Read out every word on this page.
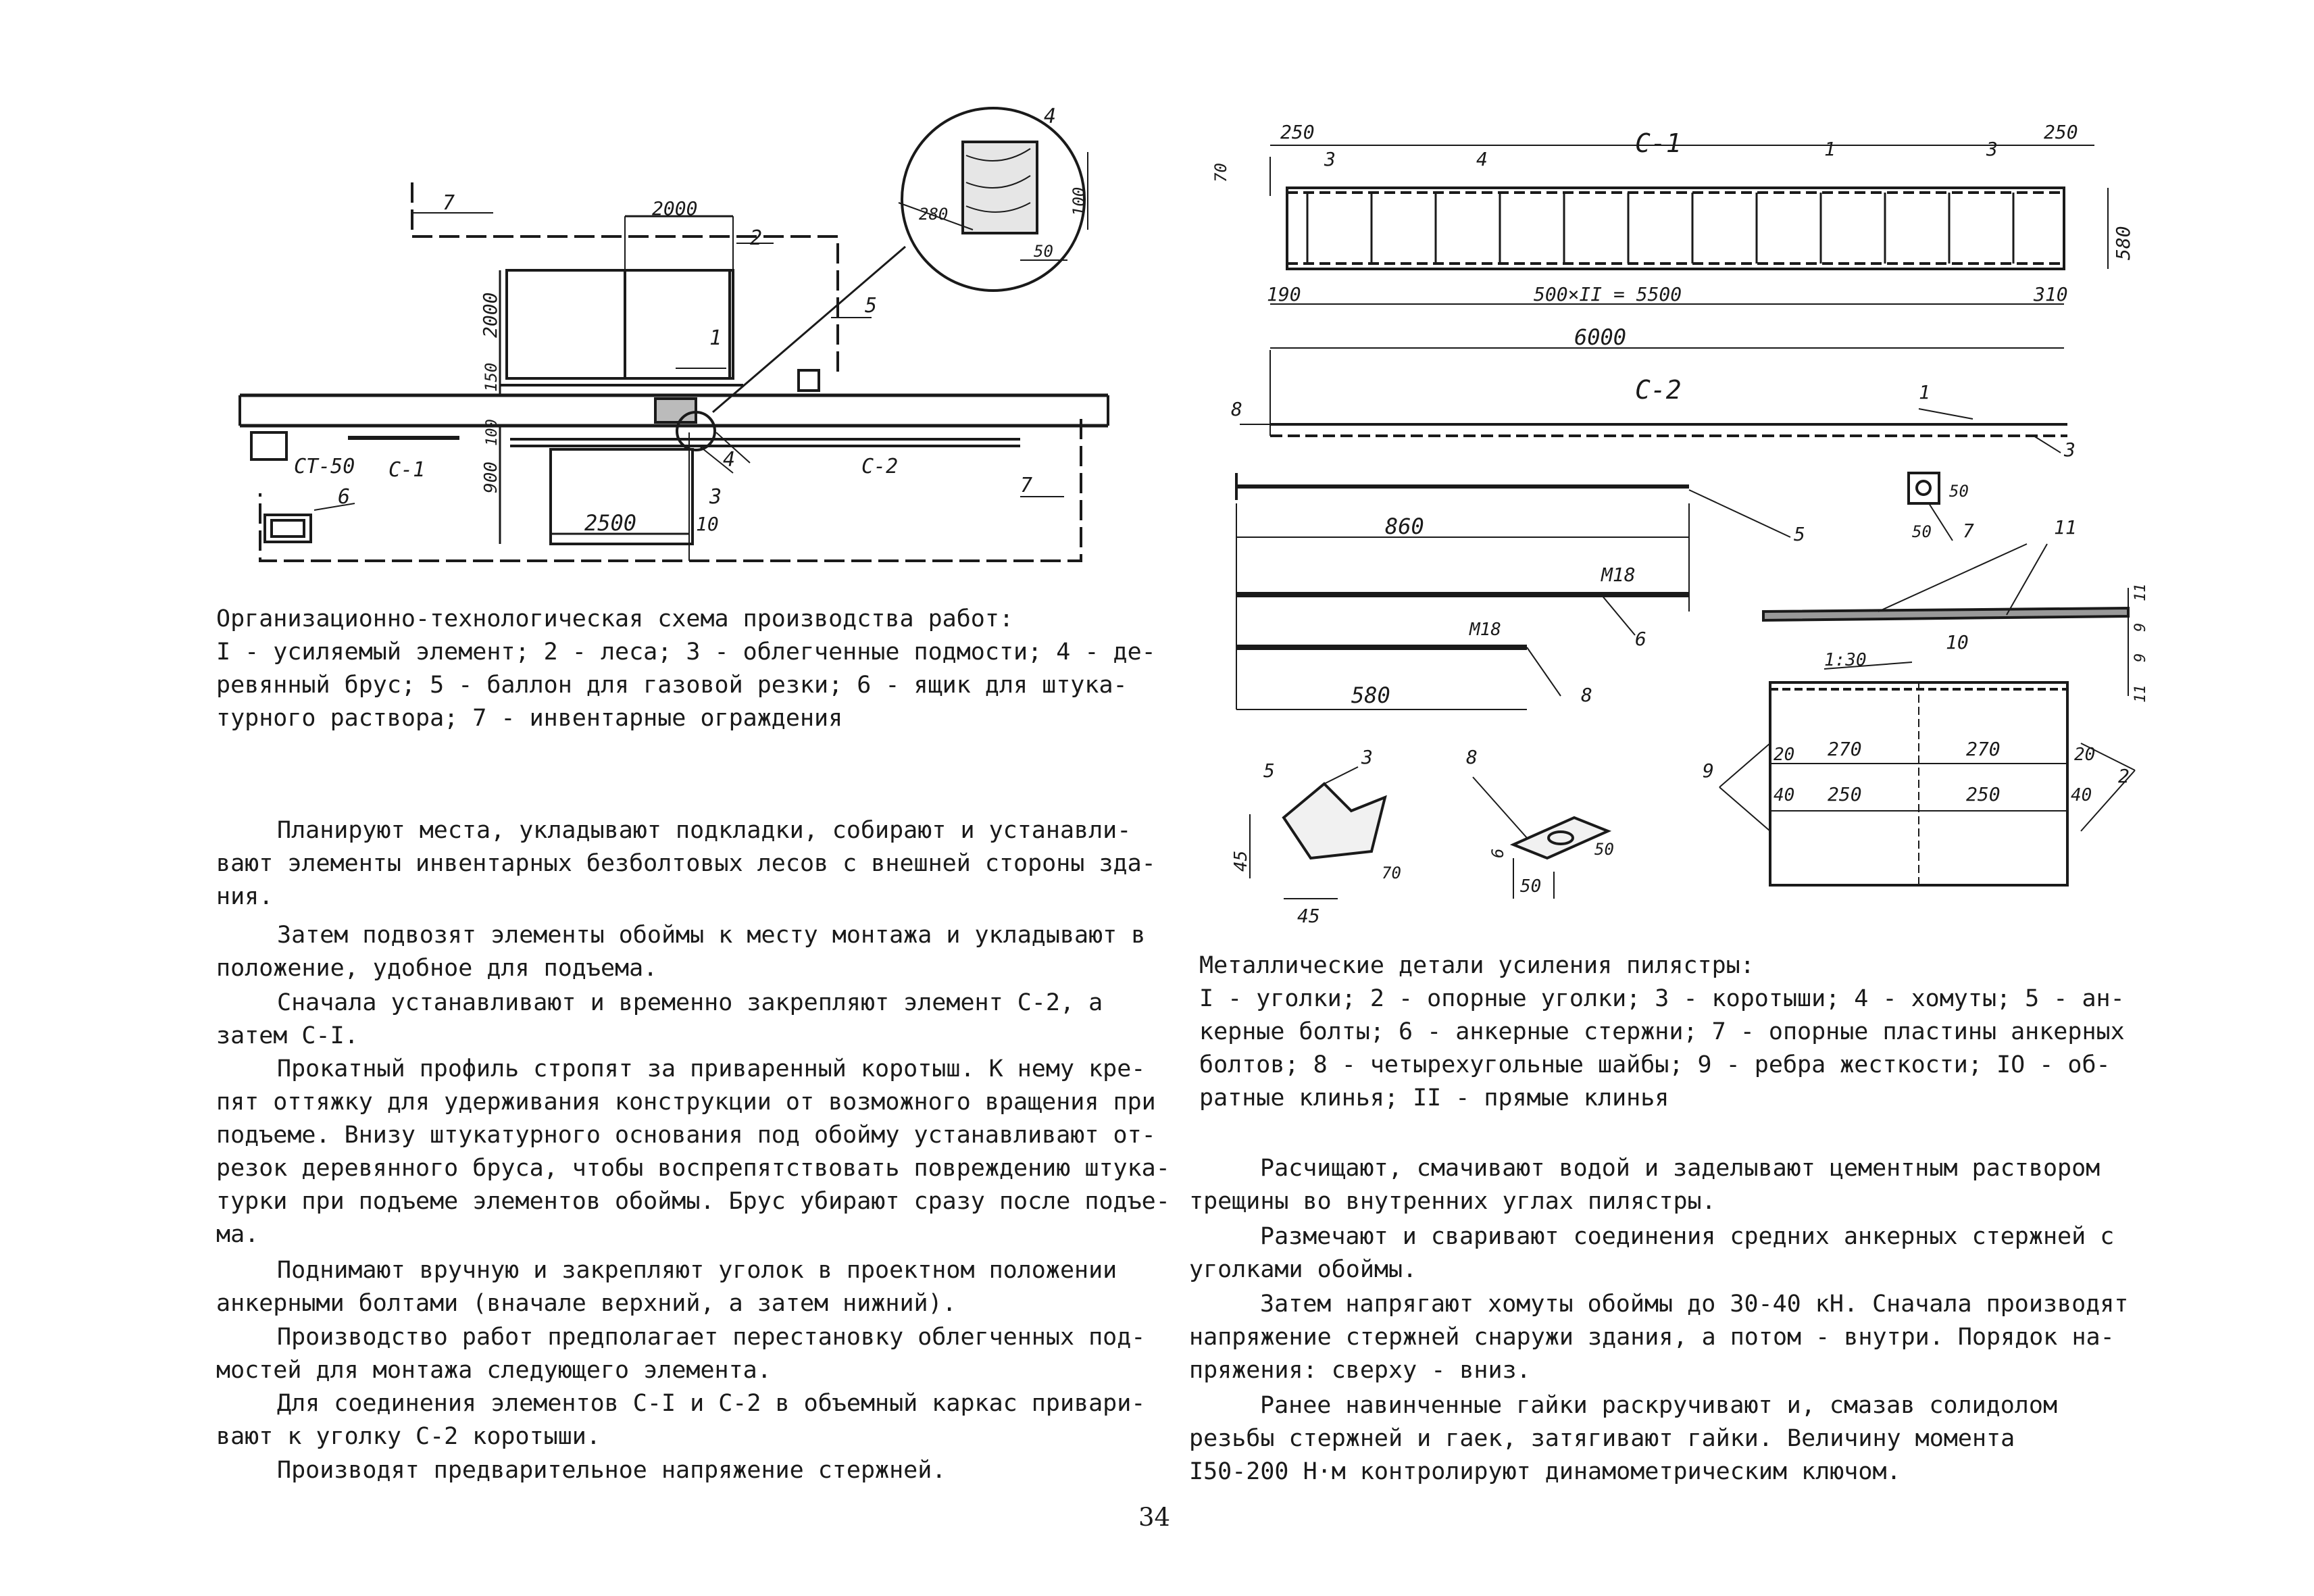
2000
2000
150
100
900
2500	10
280	100
50
7
2
1
5
4
4
3
СТ-50 С-1	С-2
6	7
250	250
70
580
190	500×II = 5500	310
6000
С-1
С-2
8
860
М18
М18
580
50
50
1:30
20 270	270	20
40 250	250	40
11
9
9
11
5
45
70
45
6	50
50
3	4	1	3
1
3
5	7	11
6
8
10
9	2
3	8
Организационно-технологическая схема производства работ:
I - усиляемый элемент; 2 - леса; 3 - облегченные подмости; 4 - де-
ревянный брус; 5 - баллон для газовой резки; 6 - ящик для штука-
турного раствора; 7 - инвентарные ограждения
Металлические детали усиления пилястры:
I - уголки; 2 - опорные уголки; 3 - коротыши; 4 - хомуты; 5 - ан-
керные болты; 6 - анкерные стержни; 7 - опорные пластины анкерных
болтов; 8 - четырехугольные шайбы; 9 - ребра жесткости; IO - об-
ратные клинья; II - прямые клинья
Планируют места, укладывают подкладки, собирают и устанавли-
вают элементы инвентарных безболтовых лесов с внешней стороны зда-
ния.
Затем подвозят элементы обоймы к месту монтажа и укладывают в
положение, удобное для подъема.
Сначала устанавливают и временно закрепляют элемент С-2, а
затем С-I.
Прокатный профиль стропят за приваренный коротыш. К нему кре-
пят оттяжку для удерживания конструкции от возможного вращения при
подъеме. Внизу штукатурного основания под обойму устанавливают от-
резок деревянного бруса, чтобы воспрепятствовать повреждению штука-
турки при подъеме элементов обоймы. Брус убирают сразу после подъе-
ма.
Поднимают вручную и закрепляют уголок в проектном положении
анкерными болтами (вначале верхний, а затем нижний).
Производство работ предполагает перестановку облегченных под-
мостей для монтажа следующего элемента.
Для соединения элементов С-I и С-2 в объемный каркас привари-
вают к уголку С-2 коротыши.
Производят предварительное напряжение стержней.
Расчищают, смачивают водой и заделывают цементным раствором
трещины во внутренних углах пилястры.
Размечают и сваривают соединения средних анкерных стержней с
уголками обоймы.
Затем напрягают хомуты обоймы до 30-40 кН. Сначала производят
напряжение стержней снаружи здания, а потом - внутри. Порядок на-
пряжения: сверху - вниз.
Ранее навинченные гайки раскручивают и, смазав солидолом
резьбы стержней и гаек, затягивают гайки. Величину момента
I50-200 Н·м контролируют динамометрическим ключом.
34
